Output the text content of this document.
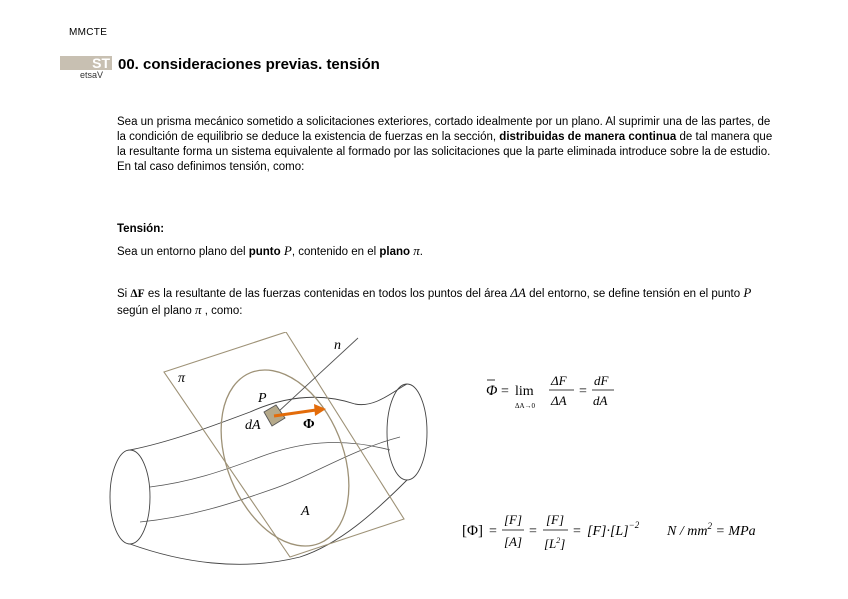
MMCTE
ST
etsaV
00. consideraciones previas. tensión
Sea un prisma mecánico sometido a solicitaciones exteriores, cortado idealmente por un plano. Al suprimir una de las partes, de la condición de equilibrio se deduce la existencia de fuerzas en la sección, distribuidas de manera continua de tal manera que la resultante forma un sistema equivalente al formado por las solicitaciones que la parte eliminada introduce sobre la de estudio. En tal caso definimos tensión, como:
Tensión:
Sea un entorno plano del punto P, contenido en el plano π.
Si ΔF es la resultante de las fuerzas contenidas en todos los puntos del área ΔA del entorno, se define tensión en el punto P según el plano π , como:
π
n
P
dA	Φ
A
Φ = lim
ΔA→0
ΔF
ΔA
=
dF
dA
[Φ] =
[F]
[A]
=
[F]
$[L^2]$
= $[F]\cdot[L]^{-2}$ N / $mm^2$ = MPa
